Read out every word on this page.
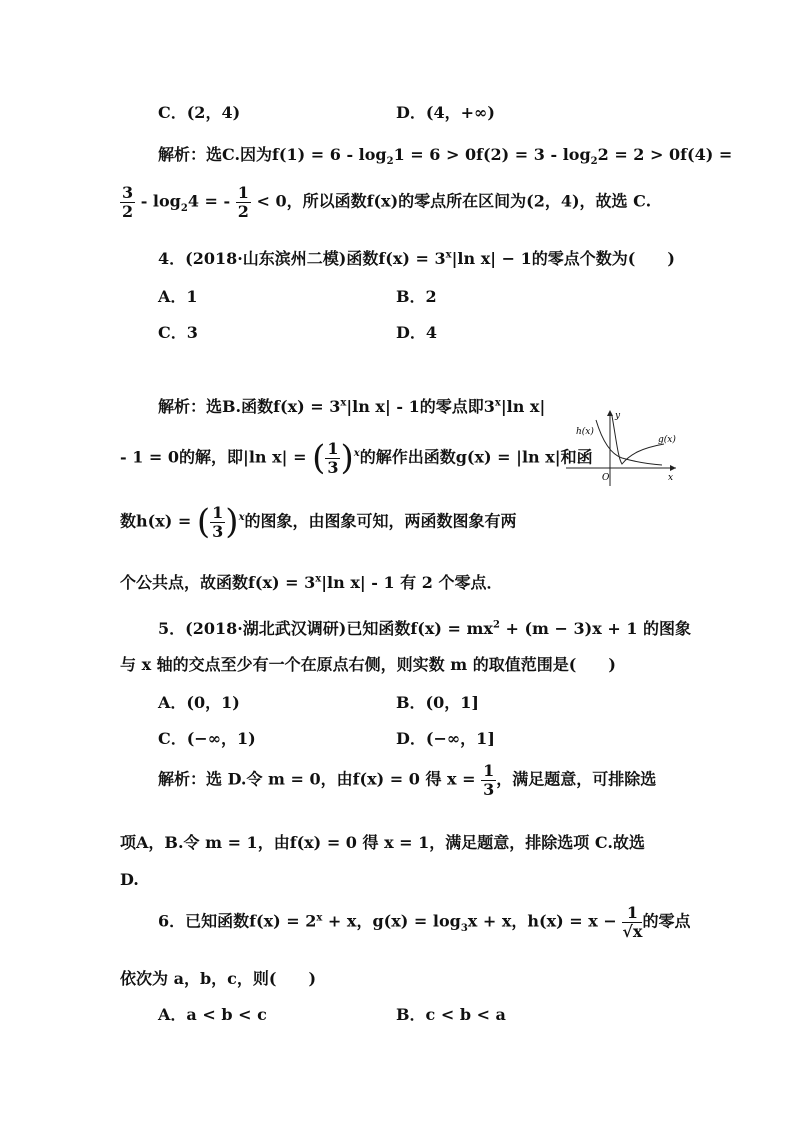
C．(2，4)	D．(4，+∞)
解析：选C.因为$f(1) = 6 - \log_21 = 6 > 0f(2) = 3 - \log_22 = 2 > 0f(4)$ =
$\frac{3}{2} - \log_24$ = - $\frac{1}{2} < 0$，所以函数f(x)的零点所在区间为(2，4)，故选 C.
4．(2018·山东滨州二模)函数$f(x) = 3^x|\ln$ x| − 1的零点个数为(　　)
A．1	B．2
C．3	D．4
解析：选B.函数$f(x) = 3^x|\ln$ x| - 1的零点即3$^x$|ln x|
- 1 = 0的解，即|ln x| = ( $\frac{1}{3} )^x$的解作出函数g(x) = |ln x|和函
数h(x) = ( $\frac{1}{3} )^x$的图象，由图象可知，两函数图象有两
个公共点，故函数$f(x) = 3^x|\ln$ x| - 1 有 2 个零点．
h(x)
g(x)
y
x
O
5．(2018·湖北武汉调研)已知函数$f(x) = mx^2 + (m - 3)x + 1$ 的图象
与 x 轴的交点至少有一个在原点右侧，则实数 m 的取值范围是(　　)
A．(0，1)	B．(0，1]
C．(−∞，1)	D．(−∞，1]
解析：选 D.令 m = 0，由f(x) = 0 得 $x = \frac{1}{3}$ ，满足题意，可排除选
项A，B.令 m = 1，由f(x) = 0 得 x = 1，满足题意，排除选项 C.故选
D.
6．已知函数$f(x) = 2^x + x$，$g(x) = \log_3x + x$，$h(x) = x - \frac{1}{√x}$ 的零点
依次为 a，b，c，则(　　)
A．a < b < c	B．c < b < a
